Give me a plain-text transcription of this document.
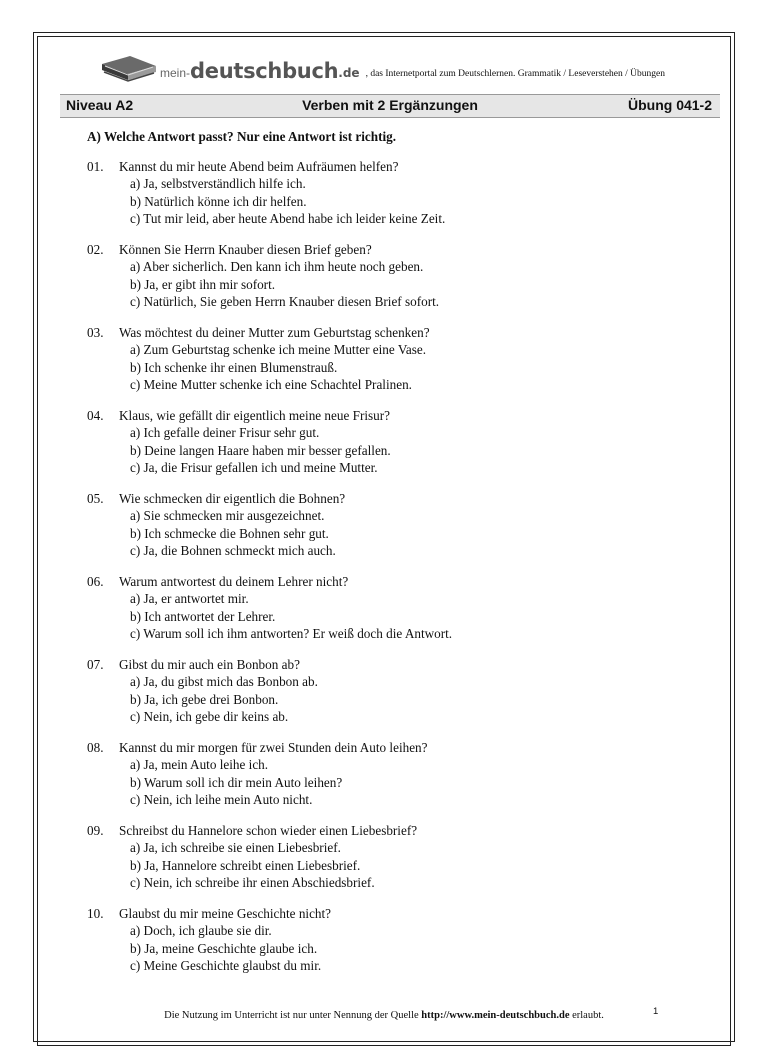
mein- deutschbuch .de , das Internetportal zum Deutschlernen. Grammatik / Leseverstehen / Übungen
Niveau A2	Verben mit 2 Ergänzungen	Übung 041-2
A) Welche Antwort passt? Nur eine Antwort ist richtig.
01.	Kannst du mir heute Abend beim Aufräumen helfen?
a) Ja, selbstverständlich hilfe ich.
b) Natürlich könne ich dir helfen.
c) Tut mir leid, aber heute Abend habe ich leider keine Zeit.
02.	Können Sie Herrn Knauber diesen Brief geben?
a) Aber sicherlich. Den kann ich ihm heute noch geben.
b) Ja, er gibt ihn mir sofort.
c) Natürlich, Sie geben Herrn Knauber diesen Brief sofort.
03.	Was möchtest du deiner Mutter zum Geburtstag schenken?
a) Zum Geburtstag schenke ich meine Mutter eine Vase.
b) Ich schenke ihr einen Blumenstrauß.
c) Meine Mutter schenke ich eine Schachtel Pralinen.
04.	Klaus, wie gefällt dir eigentlich meine neue Frisur?
a) Ich gefalle deiner Frisur sehr gut.
b) Deine langen Haare haben mir besser gefallen.
c) Ja, die Frisur gefallen ich und meine Mutter.
05.	Wie schmecken dir eigentlich die Bohnen?
a) Sie schmecken mir ausgezeichnet.
b) Ich schmecke die Bohnen sehr gut.
c) Ja, die Bohnen schmeckt mich auch.
06.	Warum antwortest du deinem Lehrer nicht?
a) Ja, er antwortet mir.
b) Ich antwortet der Lehrer.
c) Warum soll ich ihm antworten? Er weiß doch die Antwort.
07.	Gibst du mir auch ein Bonbon ab?
a) Ja, du gibst mich das Bonbon ab.
b) Ja, ich gebe drei Bonbon.
c) Nein, ich gebe dir keins ab.
08.	Kannst du mir morgen für zwei Stunden dein Auto leihen?
a) Ja, mein Auto leihe ich.
b) Warum soll ich dir mein Auto leihen?
c) Nein, ich leihe mein Auto nicht.
09.	Schreibst du Hannelore schon wieder einen Liebesbrief?
a) Ja, ich schreibe sie einen Liebesbrief.
b) Ja, Hannelore schreibt einen Liebesbrief.
c) Nein, ich schreibe ihr einen Abschiedsbrief.
10.	Glaubst du mir meine Geschichte nicht?
a) Doch, ich glaube sie dir.
b) Ja, meine Geschichte glaube ich.
c) Meine Geschichte glaubst du mir.
Die Nutzung im Unterricht ist nur unter Nennung der Quelle http://www.mein-deutschbuch.de erlaubt.	1
